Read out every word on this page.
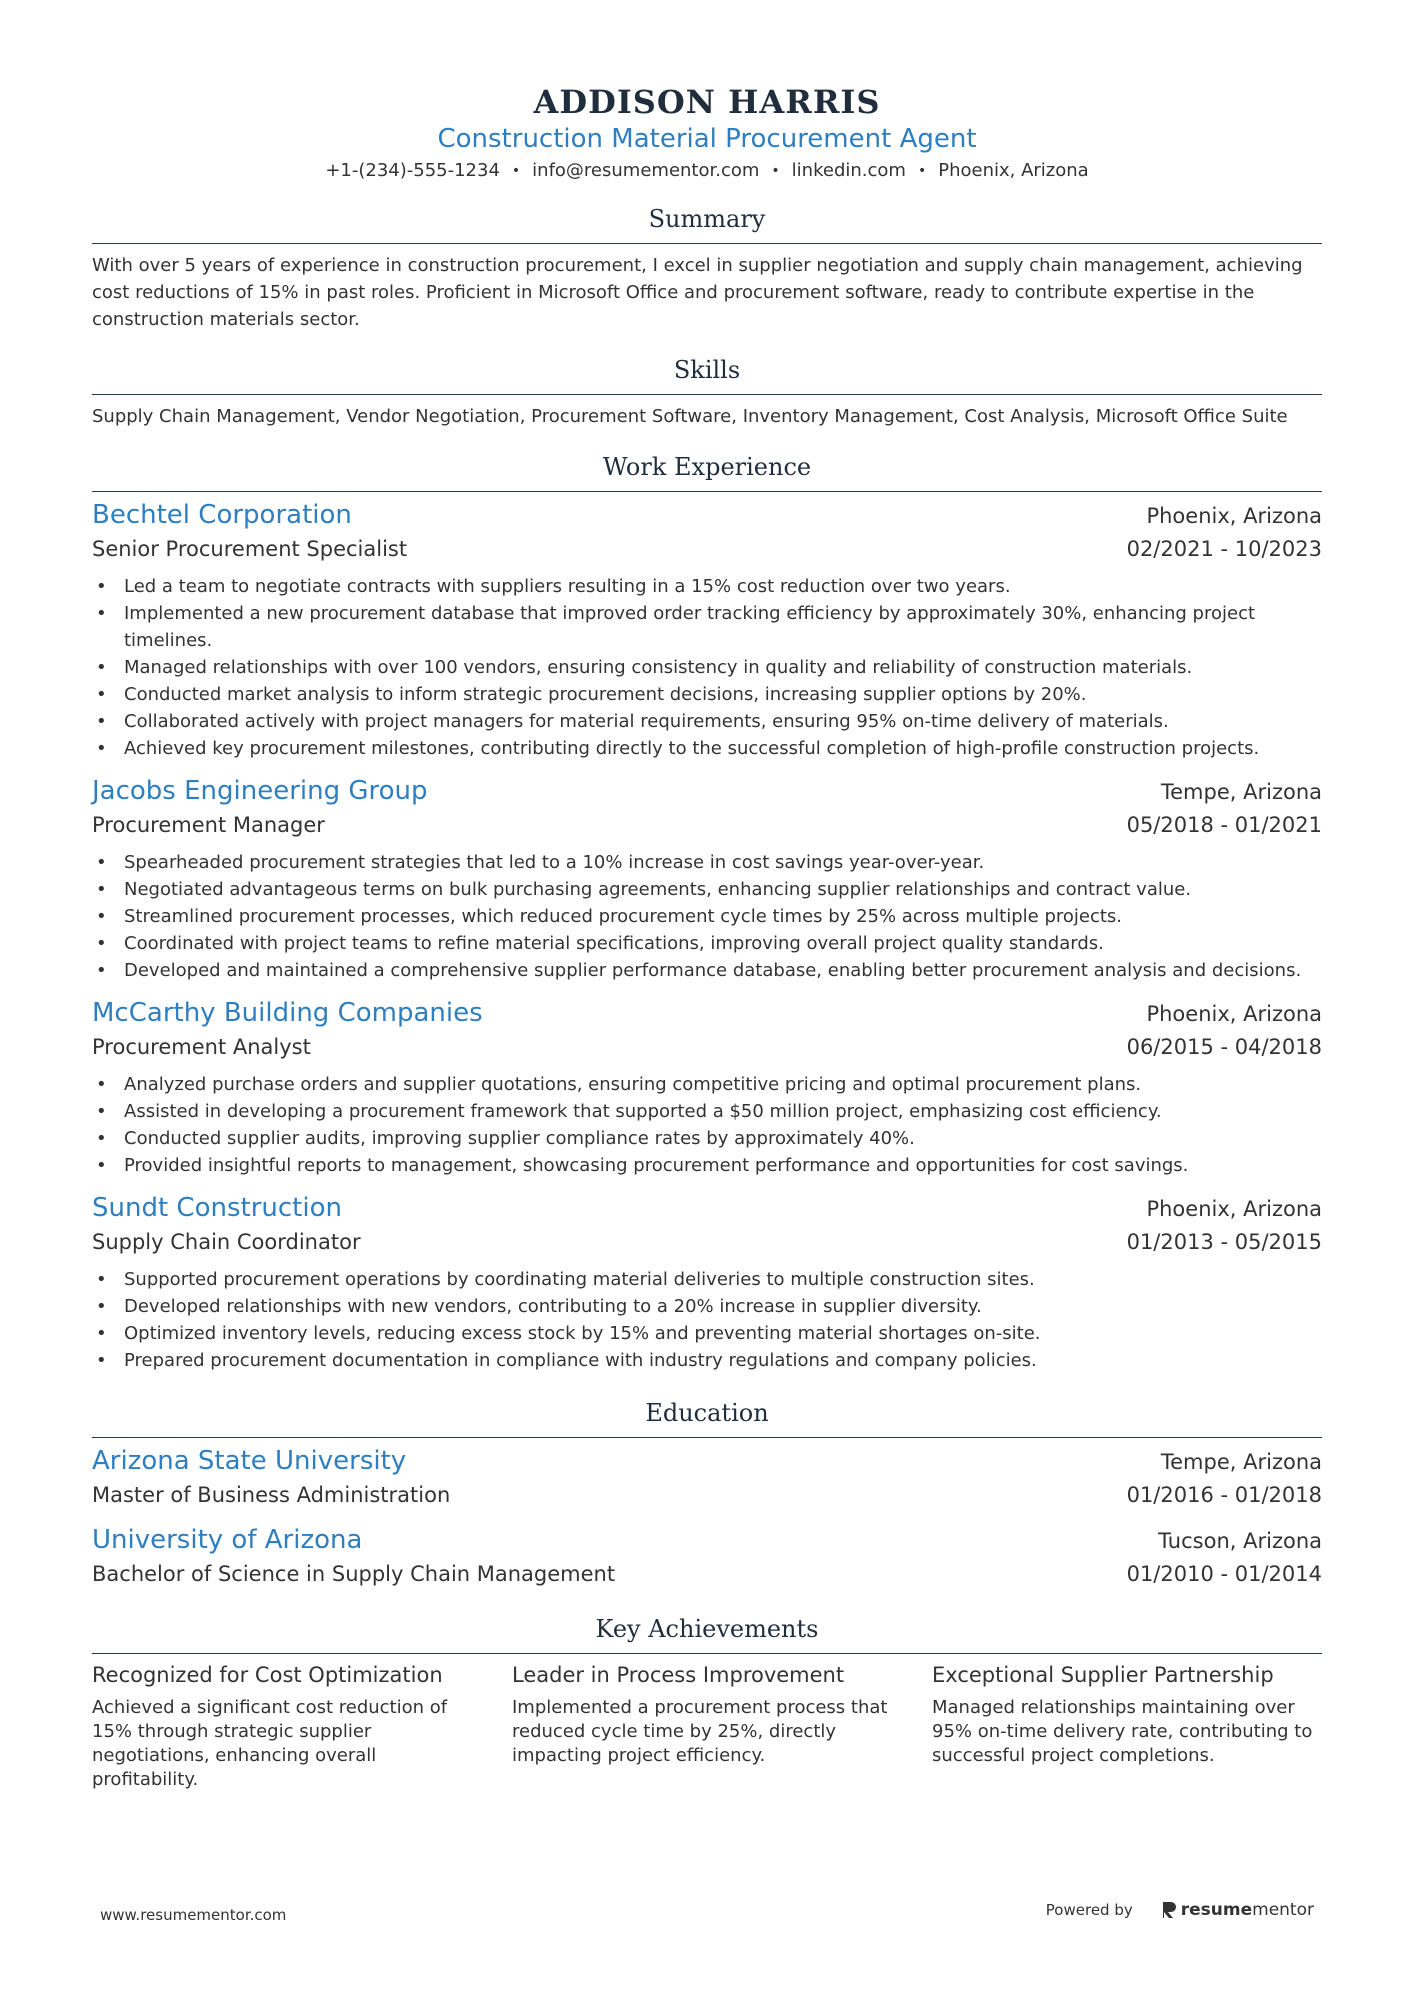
ADDISON HARRIS
Construction Material Procurement Agent
+1-(234)-555-1234 • info@resumementor.com • linkedin.com • Phoenix, Arizona
Summary
With over 5 years of experience in construction procurement, I excel in supplier negotiation and supply chain management, achieving cost reductions of 15% in past roles. Proficient in Microsoft Office and procurement software, ready to contribute expertise in the construction materials sector.
Skills
Supply Chain Management, Vendor Negotiation, Procurement Software, Inventory Management, Cost Analysis, Microsoft Office Suite
Work Experience
Bechtel Corporation	Phoenix, Arizona
Senior Procurement Specialist	02/2021 - 10/2023
• Led a team to negotiate contracts with suppliers resulting in a 15% cost reduction over two years.
• Implemented a new procurement database that improved order tracking efficiency by approximately 30%, enhancing project timelines.
• Managed relationships with over 100 vendors, ensuring consistency in quality and reliability of construction materials.
• Conducted market analysis to inform strategic procurement decisions, increasing supplier options by 20%.
• Collaborated actively with project managers for material requirements, ensuring 95% on-time delivery of materials.
• Achieved key procurement milestones, contributing directly to the successful completion of high-profile construction projects.
Jacobs Engineering Group	Tempe, Arizona
Procurement Manager	05/2018 - 01/2021
• Spearheaded procurement strategies that led to a 10% increase in cost savings year-over-year.
• Negotiated advantageous terms on bulk purchasing agreements, enhancing supplier relationships and contract value.
• Streamlined procurement processes, which reduced procurement cycle times by 25% across multiple projects.
• Coordinated with project teams to refine material specifications, improving overall project quality standards.
• Developed and maintained a comprehensive supplier performance database, enabling better procurement analysis and decisions.
McCarthy Building Companies	Phoenix, Arizona
Procurement Analyst	06/2015 - 04/2018
• Analyzed purchase orders and supplier quotations, ensuring competitive pricing and optimal procurement plans.
• Assisted in developing a procurement framework that supported a $50 million project, emphasizing cost efficiency.
• Conducted supplier audits, improving supplier compliance rates by approximately 40%.
• Provided insightful reports to management, showcasing procurement performance and opportunities for cost savings.
Sundt Construction	Phoenix, Arizona
Supply Chain Coordinator	01/2013 - 05/2015
• Supported procurement operations by coordinating material deliveries to multiple construction sites.
• Developed relationships with new vendors, contributing to a 20% increase in supplier diversity.
• Optimized inventory levels, reducing excess stock by 15% and preventing material shortages on-site.
• Prepared procurement documentation in compliance with industry regulations and company policies.
Education
Arizona State University	Tempe, Arizona
Master of Business Administration	01/2016 - 01/2018
University of Arizona	Tucson, Arizona
Bachelor of Science in Supply Chain Management	01/2010 - 01/2014
Key Achievements
Recognized for Cost Optimization
Achieved a significant cost reduction of 15% through strategic supplier negotiations, enhancing overall profitability.
Leader in Process Improvement
Implemented a procurement process that reduced cycle time by 25%, directly impacting project efficiency.
Exceptional Supplier Partnership
Managed relationships maintaining over 95% on-time delivery rate, contributing to successful project completions.
www.resumementor.com	Powered by	resume mentor
